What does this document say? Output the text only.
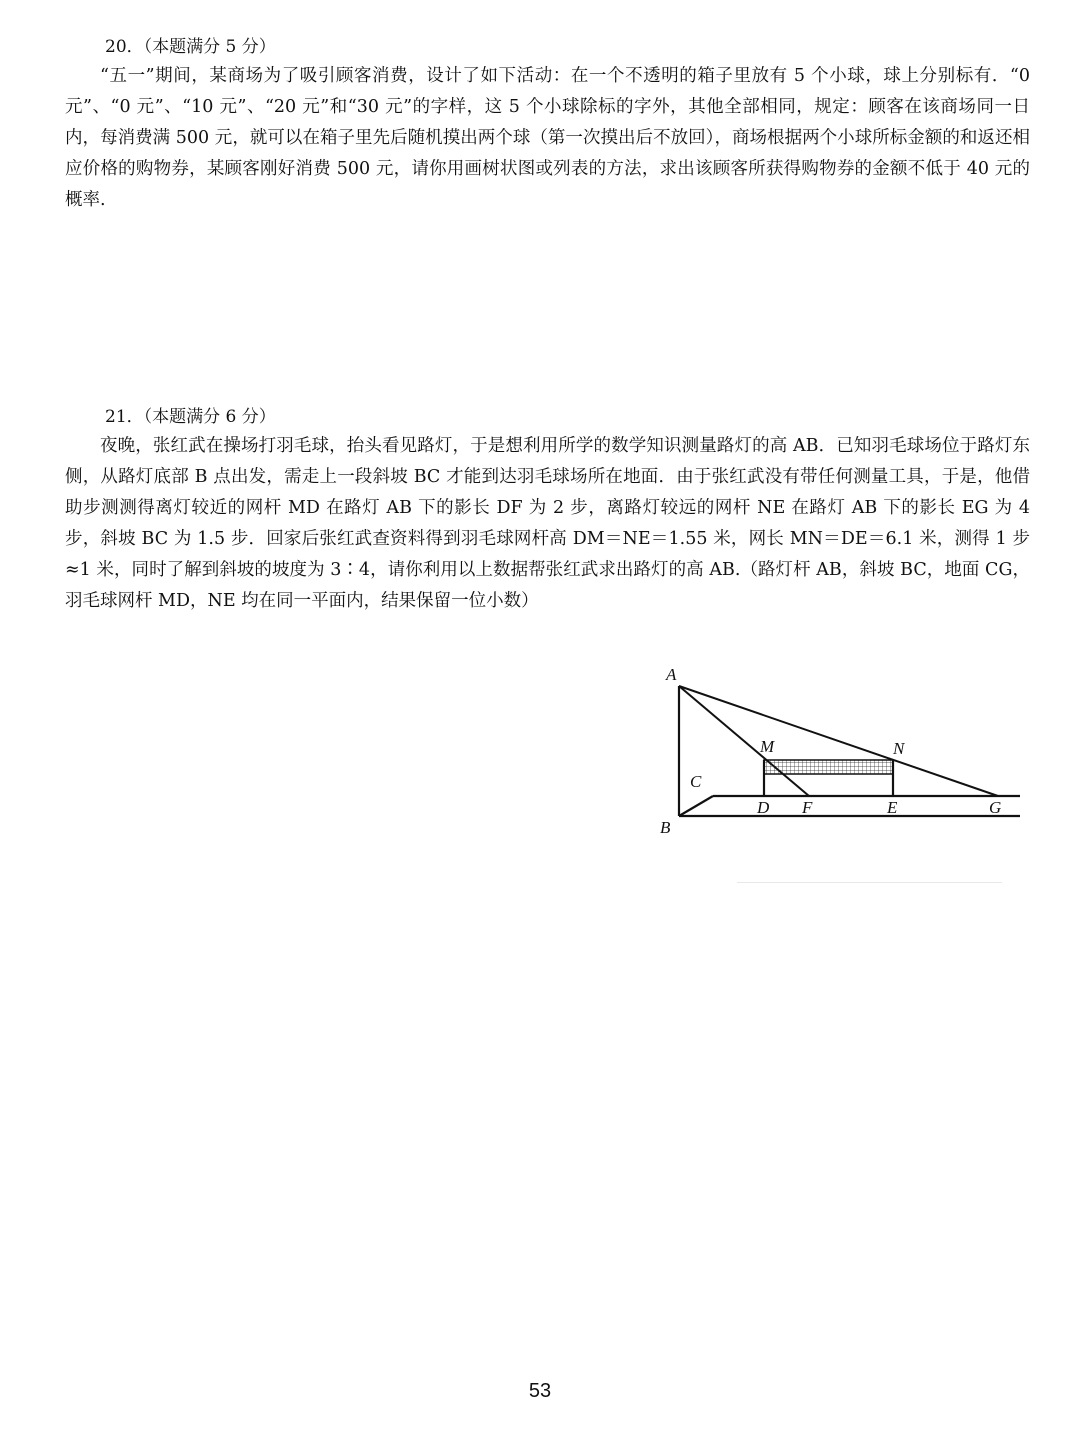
20．（本题满分 5 分）

“五一”期间，某商场为了吸引顾客消费，设计了如下活动：在一个不透明的箱子里放有 5 个小球，球上分别标有．“0 元”、“0 元”、“10 元”、“20 元”和“30 元”的字样，这 5 个小球除标的字外，其他全部相同，规定：顾客在该商场同一日内，每消费满 500 元，就可以在箱子里先后随机摸出两个球（第一次摸出后不放回），商场根据两个小球所标金额的和返还相应价格的购物券，某顾客刚好消费 500 元，请你用画树状图或列表的方法，求出该顾客所获得购物券的金额不低于 40 元的概率.

21．（本题满分 6 分）

夜晚，张红武在操场打羽毛球，抬头看见路灯，于是想利用所学的数学知识测量路灯的高 AB．已知羽毛球场位于路灯东侧，从路灯底部 B 点出发，需走上一段斜坡 BC 才能到达羽毛球场所在地面．由于张红武没有带任何测量工具，于是，他借助步测测得离灯较近的网杆 MD 在路灯 AB 下的影长 DF 为 2 步，离路灯较远的网杆 NE 在路灯 AB 下的影长 EG 为 4 步，斜坡 BC 为 1.5 步．回家后张红武查资料得到羽毛球网杆高 DM＝NE＝1.55 米，网长 MN＝DE＝6.1 米，测得 1 步≈1 米，同时了解到斜坡的坡度为 3∶4，请你利用以上数据帮张红武求出路灯的高 AB.（路灯杆 AB，斜坡 BC，地面 CG，羽毛球网杆 MD，NE 均在同一平面内，结果保留一位小数）

A
B
C
M	N
D F	E	G
53
